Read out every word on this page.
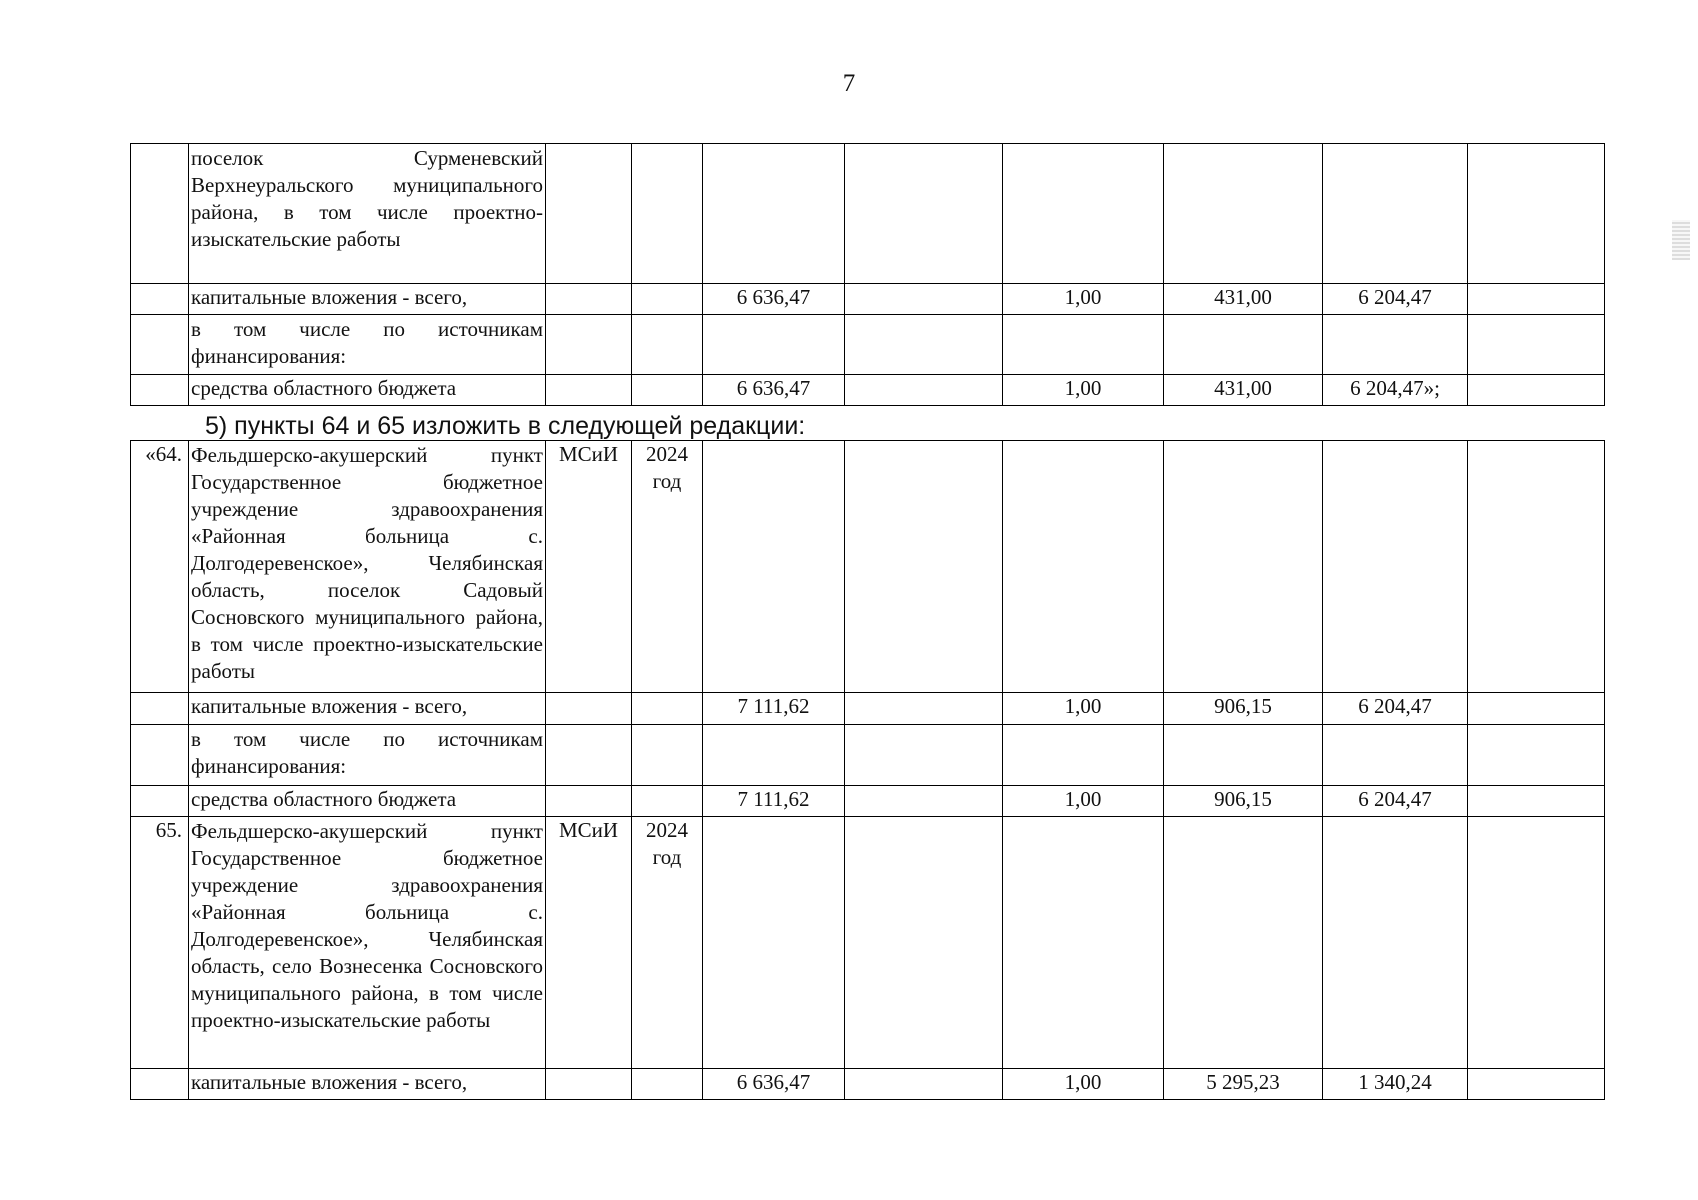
7
	поселок Сурменевский Верхнеуральского муниципального района, в том числе проектно-изыскательские работы								
	капитальные вложения - всего,			6 636,47		1,00	431,00	6 204,47	
	в том числе по источникам финансирования:								
	средства областного бюджета			6 636,47		1,00	431,00	6 204,47»;	
5) пункты 64 и 65 изложить в следующей редакции:
«64.	Фельдшерско-акушерский пункт Государственное бюджетное учреждение здравоохранения «Районная больница с. Долгодеревенское», Челябинская область, поселок Садовый Сосновского муниципального района, в том числе проектно-изыскательские работы	МСиИ	2024 год						
	капитальные вложения - всего,			7 111,62		1,00	906,15	6 204,47	
	в том числе по источникам финансирования:								
	средства областного бюджета			7 111,62		1,00	906,15	6 204,47	
65.	Фельдшерско-акушерский пункт Государственное бюджетное учреждение здравоохранения «Районная больница с. Долгодеревенское», Челябинская область, село Вознесенка Сосновского муниципального района, в том числе проектно-изыскательские работы	МСиИ	2024 год						
	капитальные вложения - всего,			6 636,47		1,00	5 295,23	1 340,24	
